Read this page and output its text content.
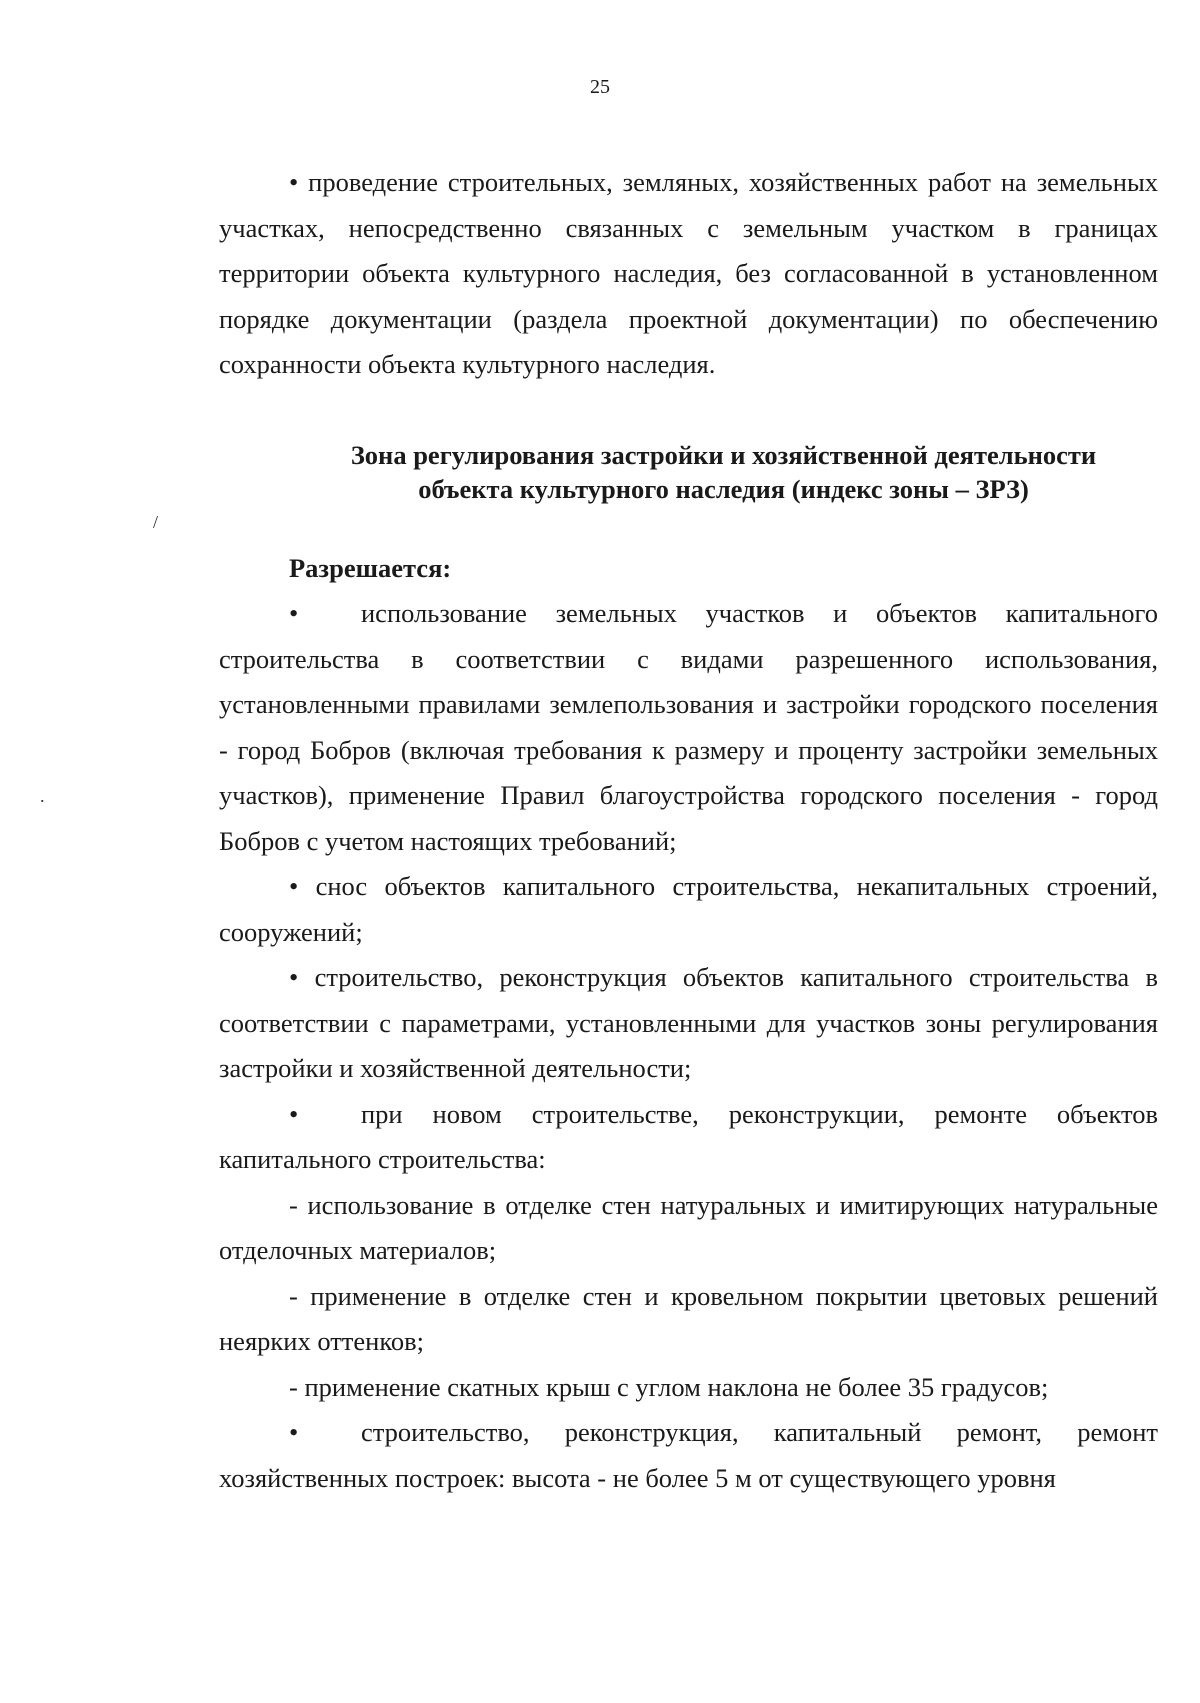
25
/
.

• проведение строительных, земляных, хозяйственных работ на земельных участках, непосредственно связанных с земельным участком в границах территории объекта культурного наследия, без согласованной в установленном порядке документации (раздела проектной документации) по обеспечению сохранности объекта культурного наследия.

Зона регулирования застройки и хозяйственной деятельности
объекта культурного наследия (индекс зоны – ЗРЗ)

Разрешается:

• использование земельных участков и объектов капитального строительства в соответствии с видами разрешенного использования, установленными правилами землепользования и застройки городского поселения - город Бобров (включая требования к размеру и проценту застройки земельных участков), применение Правил благоустройства городского поселения - город Бобров с учетом настоящих требований;

• снос объектов капитального строительства, некапитальных строений, сооружений;

• строительство, реконструкция объектов капитального строительства в соответствии с параметрами, установленными для участков зоны регулирования застройки и хозяйственной деятельности;

• при новом строительстве, реконструкции, ремонте объектов капитального строительства:

- использование в отделке стен натуральных и имитирующих натуральные отделочных материалов;

- применение в отделке стен и кровельном покрытии цветовых решений неярких оттенков;

- применение скатных крыш с углом наклона не более 35 градусов;

• строительство, реконструкция, капитальный ремонт, ремонт хозяйственных построек: высота - не более 5 м от существующего уровня
